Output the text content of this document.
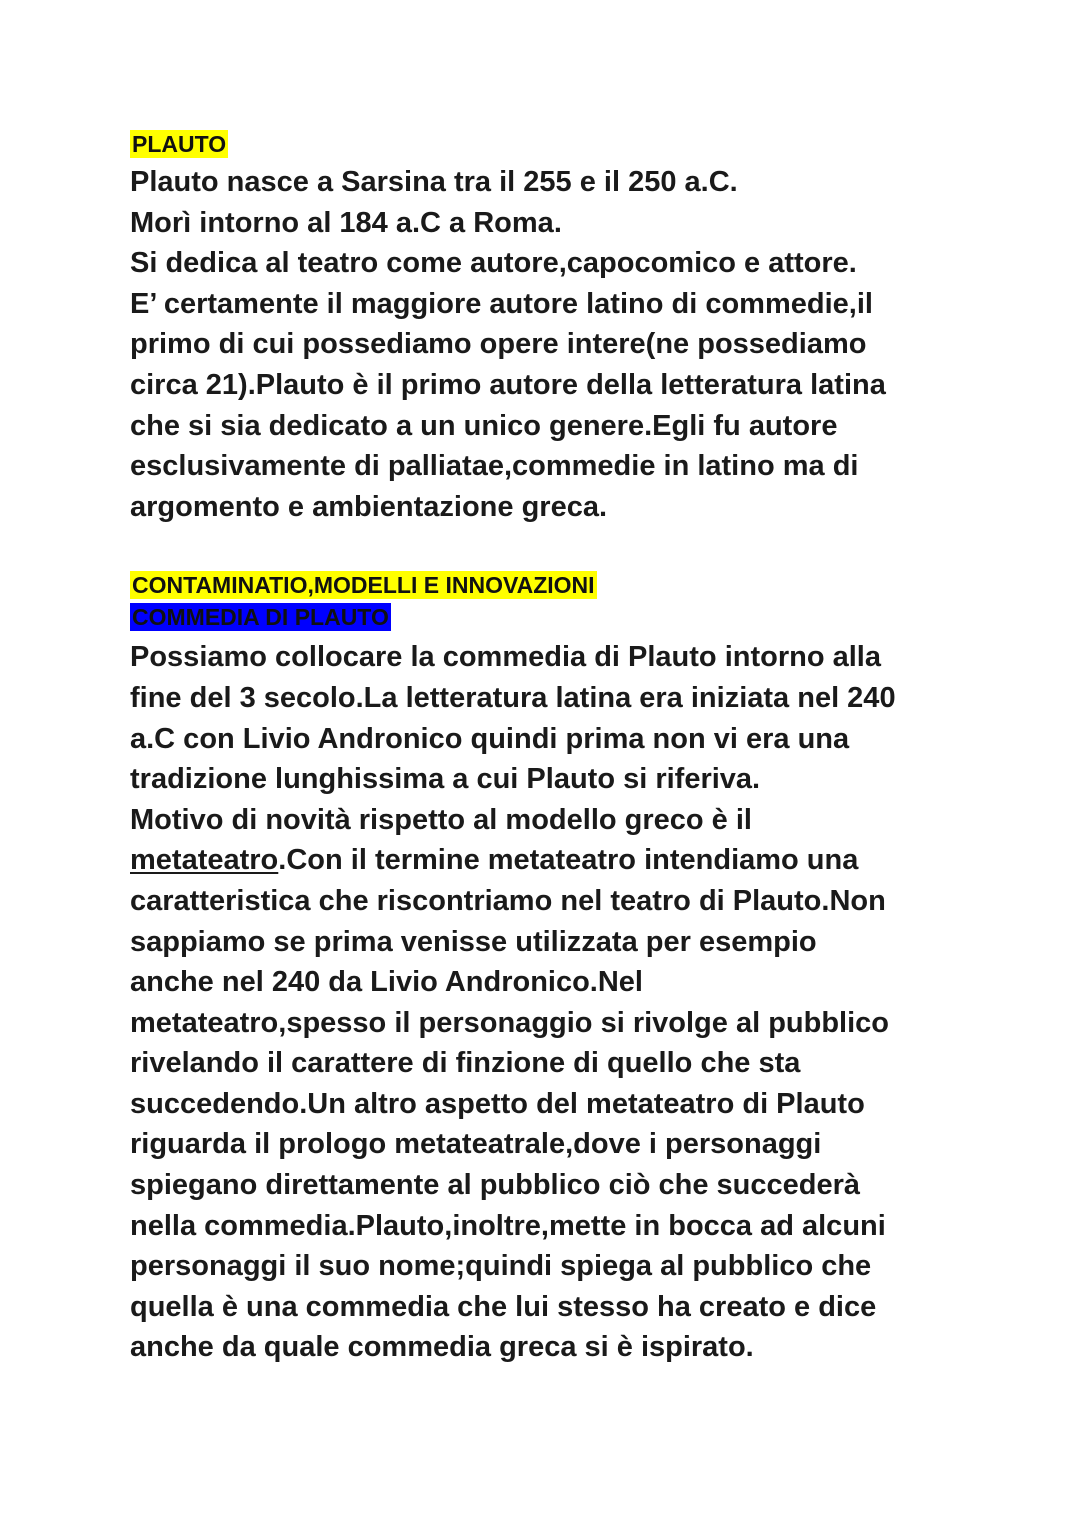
PLAUTO
Plauto nasce a Sarsina tra il 255 e il 250 a.C.
Morì intorno al 184 a.C a Roma.
Si dedica al teatro come autore,capocomico e attore.
E’ certamente il maggiore autore latino di commedie,il
primo di cui possediamo opere intere(ne possediamo
circa 21).Plauto è il primo autore della letteratura latina
che si sia dedicato a un unico genere.Egli fu autore
esclusivamente di palliatae,commedie in latino ma di
argomento e ambientazione greca.
CONTAMINATIO,MODELLI E INNOVAZIONI
COMMEDIA DI PLAUTO
Possiamo collocare la commedia di Plauto intorno alla
fine del 3 secolo.La letteratura latina era iniziata nel 240
a.C con Livio Andronico quindi prima non vi era una
tradizione lunghissima a cui Plauto si riferiva.
Motivo di novità rispetto al modello greco è il
metateatro.Con il termine metateatro intendiamo una
caratteristica che riscontriamo nel teatro di Plauto.Non
sappiamo se prima venisse utilizzata per esempio
anche nel 240 da Livio Andronico.Nel
metateatro,spesso il personaggio si rivolge al pubblico
rivelando il carattere di finzione di quello che sta
succedendo.Un altro aspetto del metateatro di Plauto
riguarda il prologo metateatrale,dove i personaggi
spiegano direttamente al pubblico ciò che succederà
nella commedia.Plauto,inoltre,mette in bocca ad alcuni
personaggi il suo nome;quindi spiega al pubblico che
quella è una commedia che lui stesso ha creato e dice
anche da quale commedia greca si è ispirato.
